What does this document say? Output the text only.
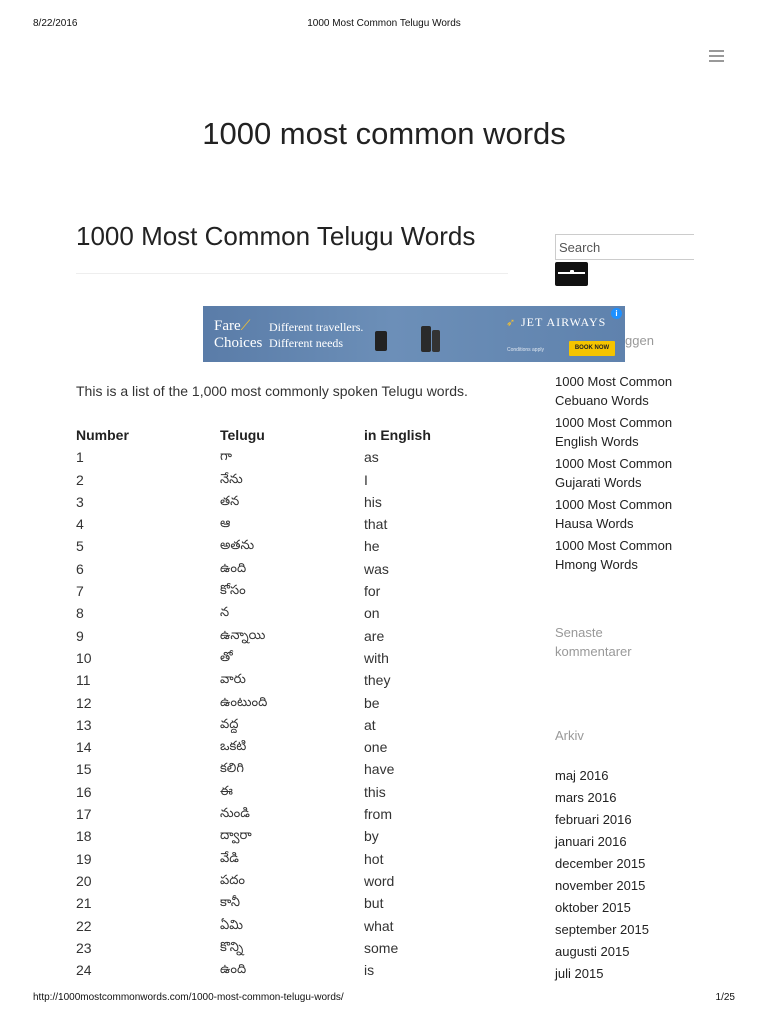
8/22/2016	1000 Most Common Telugu Words
1000 most common words
1000 Most Common Telugu Words
Fare⟋
Choices
Different travellers.
Different needs
➶ JET AIRWAYS
Conditions apply	BOOK NOW
i

This is a list of the 1,000 most commonly spoken Telugu words.

Number	Telugu	in English
1	గా	as
2	నేను	I
3	తన	his
4	ఆ	that
5	అతను	he
6	ఉంది	was
7	కోసం	for
8	న	on
9	ఉన్నాయి	are
10	తో	with
11	వారు	they
12	ఉంటుంది	be
13	వద్ద	at
14	ఒకటి	one
15	కలిగి	have
16	ఈ	this
17	నుండి	from
18	ద్వారా	by
19	వేడి	hot
20	పదం	word
21	కానీ	but
22	ఏమి	what
23	కొన్ని	some
24	ఉంది	is
Search
ggen
1000 Most Common Cebuano Words
1000 Most Common English Words
1000 Most Common Gujarati Words
1000 Most Common Hausa Words
1000 Most Common Hmong Words
Senaste kommentarer
Arkiv
maj 2016
mars 2016
februari 2016
januari 2016
december 2015
november 2015
oktober 2015
september 2015
augusti 2015
juli 2015
http://1000mostcommonwords.com/1000-most-common-telugu-words/	1/25
